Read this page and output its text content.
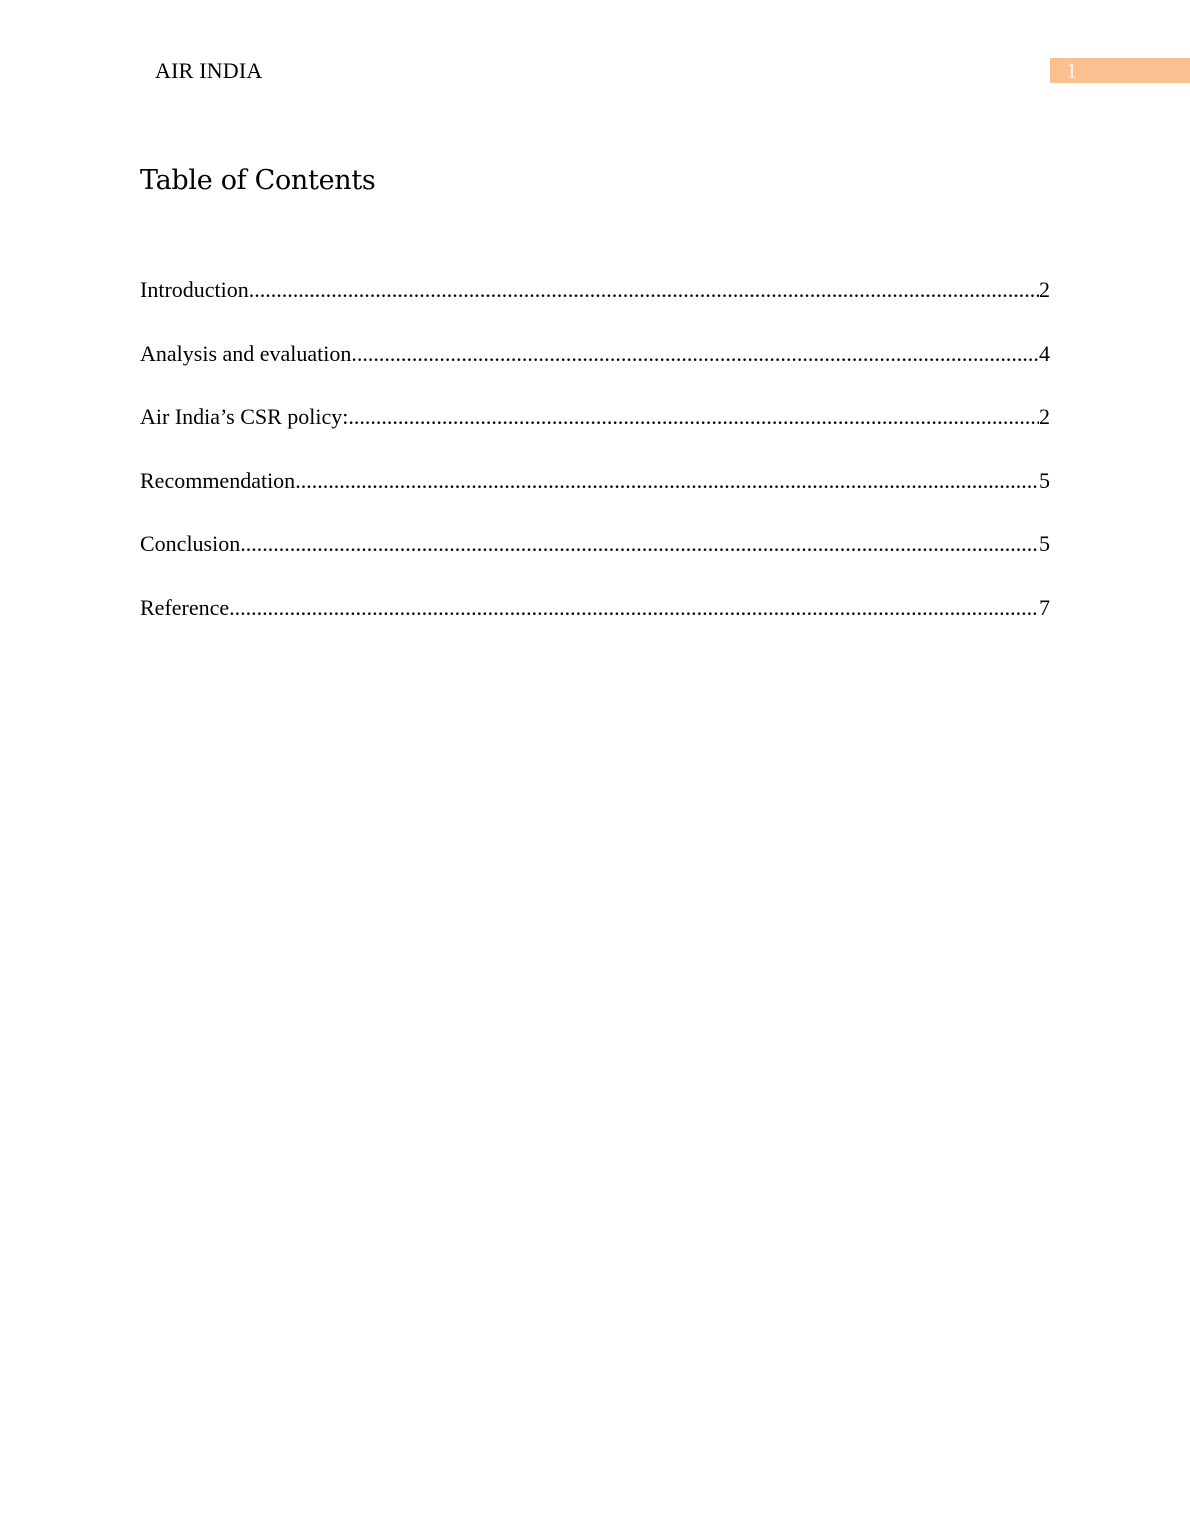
AIR INDIA	1
Table of Contents
Introduction .....	2
Analysis and evaluation .....	4
Air India’s CSR policy: .....	2
Recommendation .....	5
Conclusion .....	5
Reference .....	7
